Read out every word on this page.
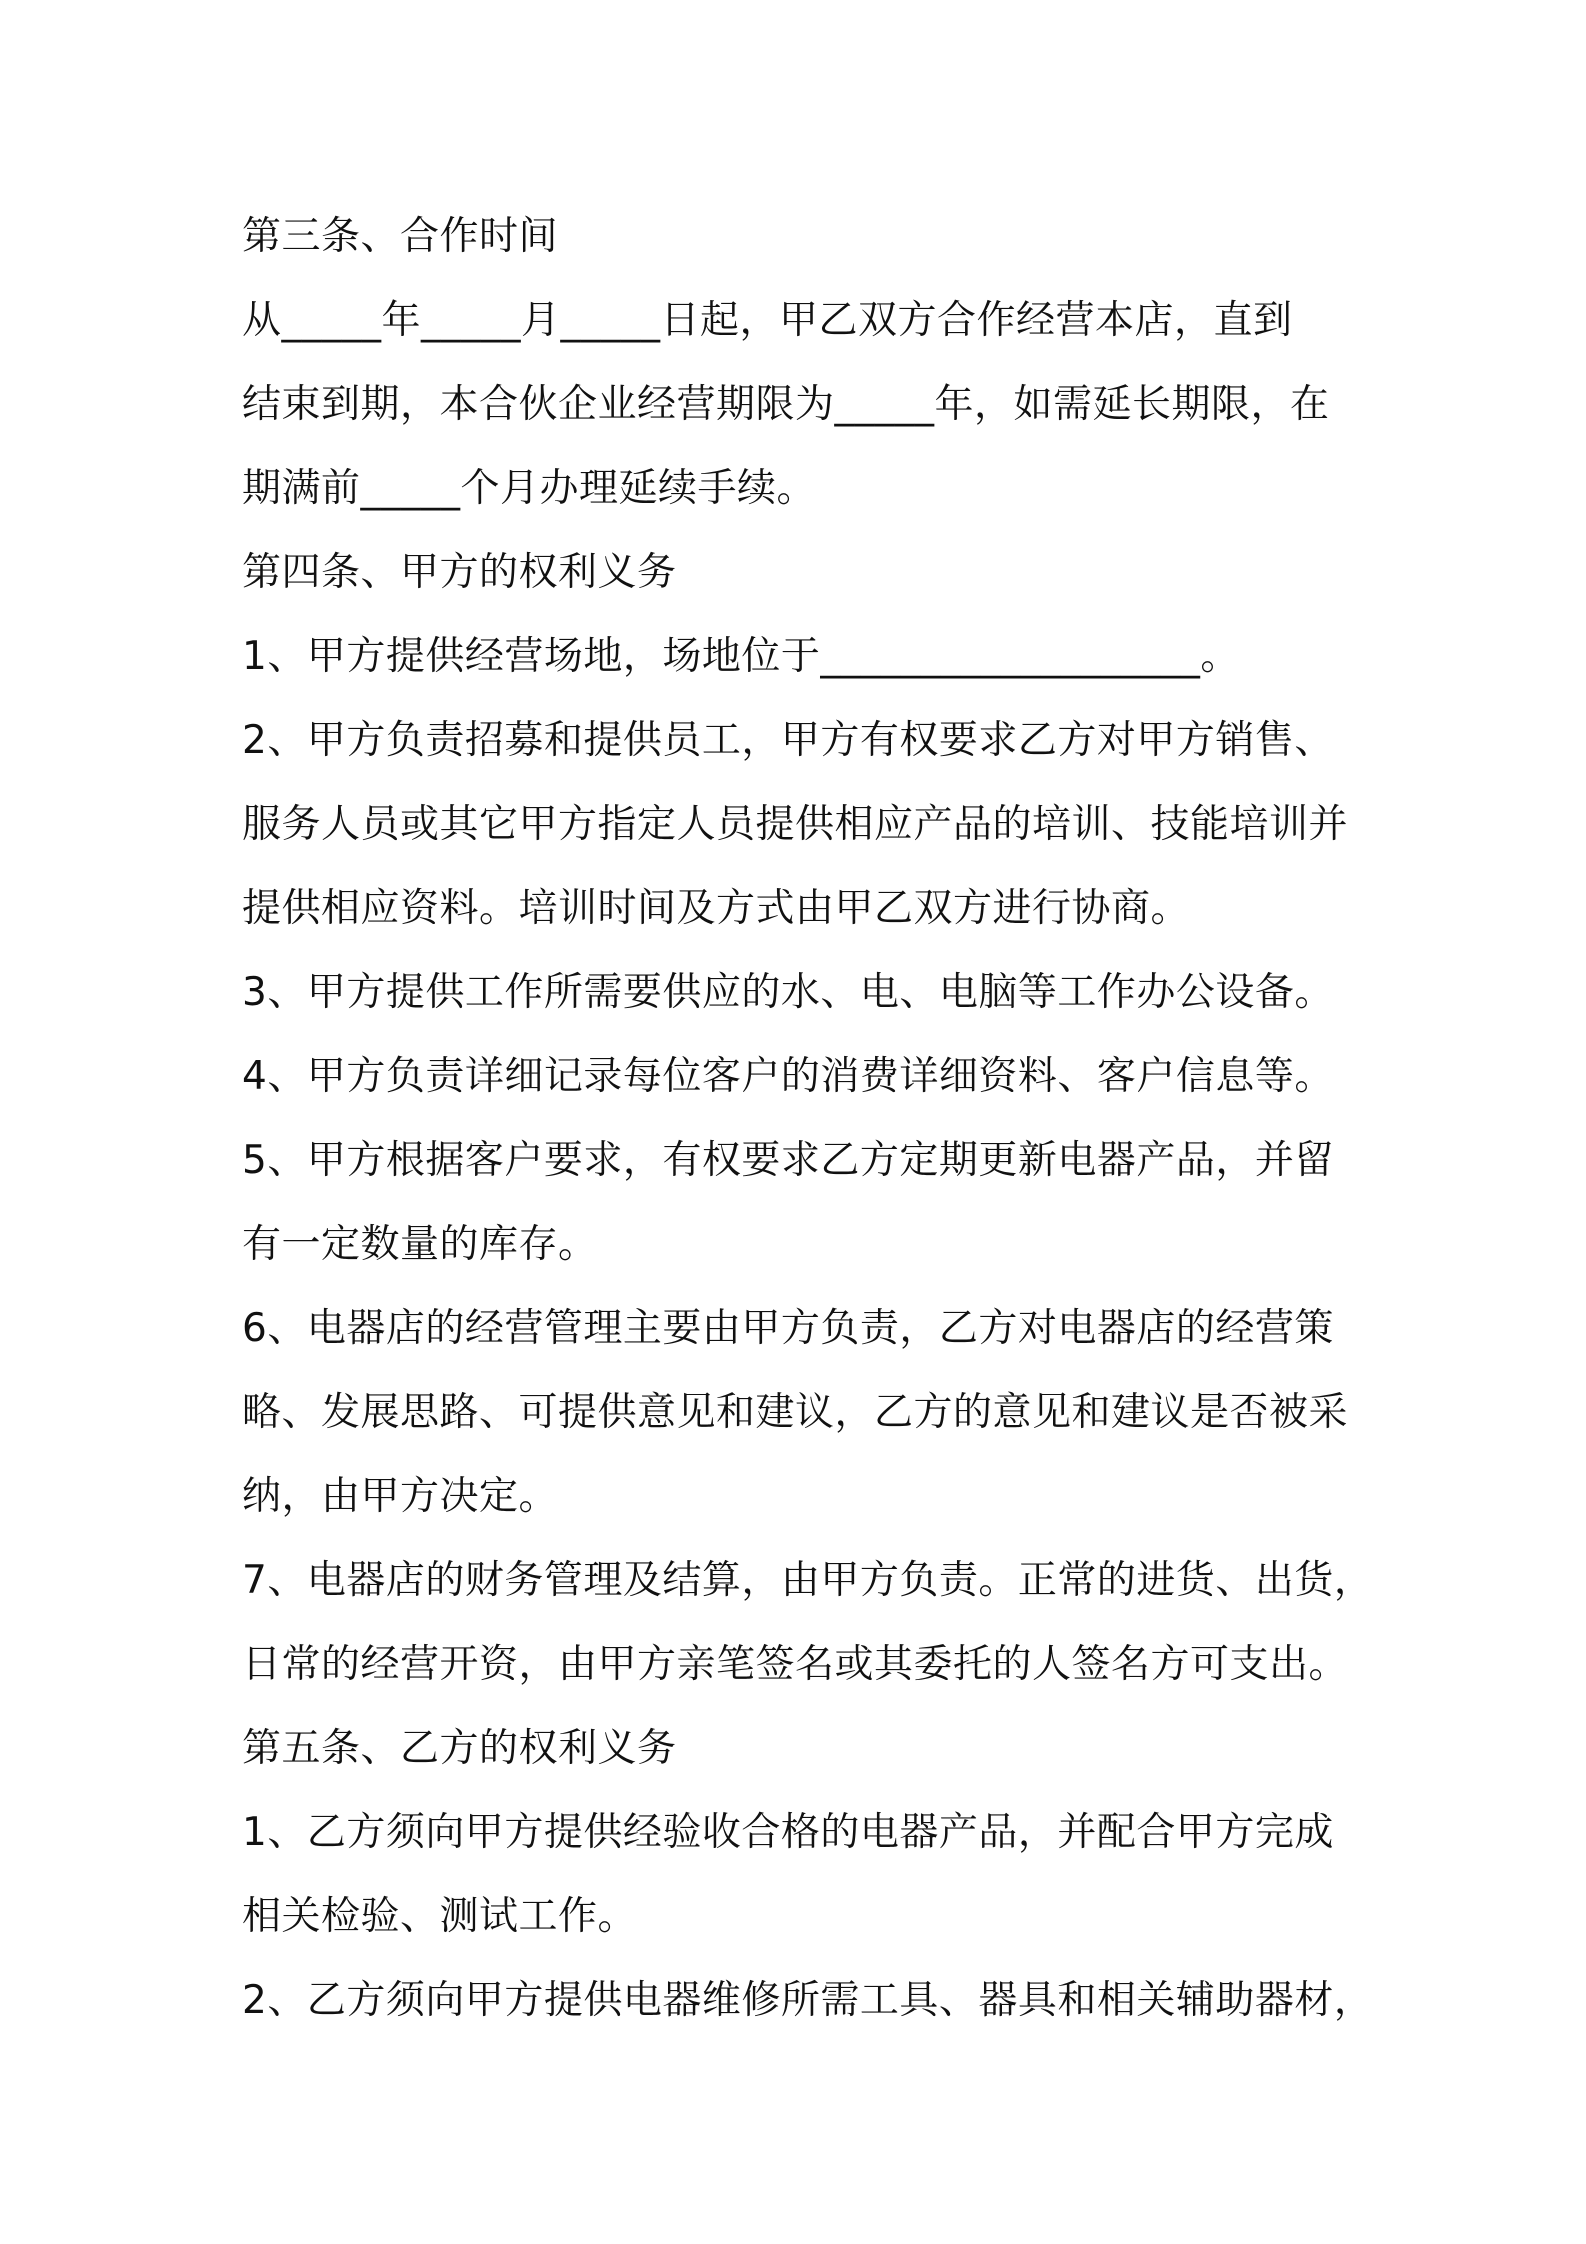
第三条、合作时间
从_____年_____月_____日起，甲乙双方合作经营本店，直到
结束到期，本合伙企业经营期限为_____年，如需延长期限，在
期满前_____个月办理延续手续。
第四条、甲方的权利义务
1、甲方提供经营场地，场地位于___________________。
2、甲方负责招募和提供员工，甲方有权要求乙方对甲方销售、
服务人员或其它甲方指定人员提供相应产品的培训、技能培训并
提供相应资料。培训时间及方式由甲乙双方进行协商。
3、甲方提供工作所需要供应的水、电、电脑等工作办公设备。
4、甲方负责详细记录每位客户的消费详细资料、客户信息等。
5、甲方根据客户要求，有权要求乙方定期更新电器产品，并留
有一定数量的库存。
6、电器店的经营管理主要由甲方负责，乙方对电器店的经营策
略、发展思路、可提供意见和建议，乙方的意见和建议是否被采
纳，由甲方决定。
7、电器店的财务管理及结算，由甲方负责。正常的进货、出货，
日常的经营开资，由甲方亲笔签名或其委托的人签名方可支出。
第五条、乙方的权利义务
1、乙方须向甲方提供经验收合格的电器产品，并配合甲方完成
相关检验、测试工作。
2、乙方须向甲方提供电器维修所需工具、器具和相关辅助器材，
